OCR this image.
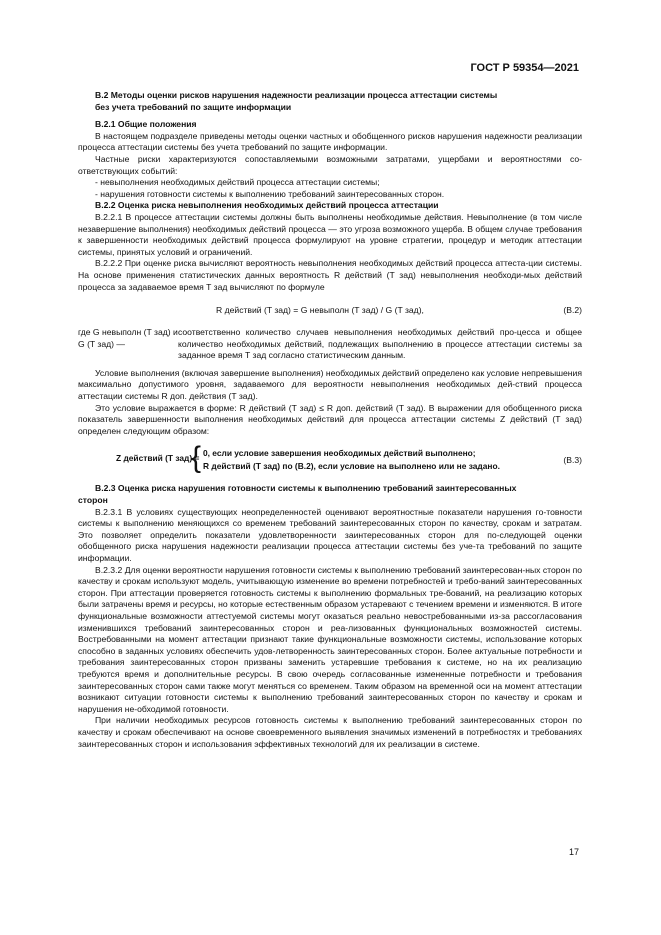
ГОСТ Р 59354—2021
В.2 Методы оценки рисков нарушения надежности реализации процесса аттестации системы
без учета требований по защите информации
В.2.1 Общие положения

В настоящем подразделе приведены методы оценки частных и обобщенного рисков нарушения надежности реализации процесса аттестации системы без учета требований по защите информации.

Частные риски характеризуются сопоставляемыми возможными затратами, ущербами и вероятностями со-ответствующих событий:

- невыполнения необходимых действий процесса аттестации системы;

- нарушения готовности системы к выполнению требований заинтересованных сторон.

В.2.2 Оценка риска невыполнения необходимых действий процесса аттестации

В.2.2.1 В процессе аттестации системы должны быть выполнены необходимые действия. Невыполнение (в том числе незавершение выполнения) необходимых действий процесса — это угроза возможного ущерба. В общем случае требования к завершенности необходимых действий процесса формулируют на уровне стратегии, процедур и методик аттестации системы, принятых условий и ограничений.

В.2.2.2 При оценке риска вычисляют вероятность невыполнения необходимых действий процесса аттеста-ции системы. На основе применения статистических данных вероятность R действий (T зад) невыполнения необходи-мых действий процесса за задаваемое время T зад вычисляют по формуле

R действий (T зад) = G невыполн (T зад) / G (T зад),	(В.2)
где G невыполн (T зад) и G (T зад) —
соответственно количество случаев невыполнения необходимых действий про-цесса и общее количество необходимых действий, подлежащих выполнению в процессе аттестации системы за заданное время T зад согласно статистическим данным.

Условие выполнения (включая завершение выполнения) необходимых действий определено как условие непревышения максимально допустимого уровня, задаваемого для вероятности невыполнения необходимых дей-ствий процесса аттестации системы R доп. действия (T зад).

Это условие выражается в форме: R действий (T зад) ≤ R доп. действий (T зад). В выражении для обобщенного риска показатель завершенности выполнения необходимых действий для процесса аттестации системы Z действий (T зад) определен следующим образом:

Z действий (T зад) =
{ 0, если условие завершения необходимых действий выполнено;
R действий (T зад) по (В.2), если условие на выполнено или не задано.
(В.3)
В.2.3 Оценка риска нарушения готовности системы к выполнению требований заинтересованных
сторон

В.2.3.1 В условиях существующих неопределенностей оценивают вероятностные показатели нарушения го-товности системы к выполнению меняющихся со временем требований заинтересованных сторон по качеству, срокам и затратам. Это позволяет определить показатели удовлетворенности заинтересованных сторон для по-следующей оценки обобщенного риска нарушения надежности реализации процесса аттестации системы без уче-та требований по защите информации.

В.2.3.2 Для оценки вероятности нарушения готовности системы к выполнению требований заинтересован-ных сторон по качеству и срокам используют модель, учитывающую изменение во времени потребностей и требо-ваний заинтересованных сторон. При аттестации проверяется готовность системы к выполнению формальных тре-бований, на реализацию которых были затрачены время и ресурсы, но которые естественным образом устаревают с течением времени и изменяются. В итоге функциональные возможности аттестуемой системы могут оказаться реально невостребованными из-за рассогласования изменившихся требований заинтересованных сторон и реа-лизованных функциональных возможностей системы. Востребованными на момент аттестации признают такие функциональные возможности системы, использование которых способно в заданных условиях обеспечить удов-летворенность заинтересованных сторон. Более актуальные потребности и требования заинтересованных сторон призваны заменить устаревшие требования к системе, но на их реализацию требуются время и дополнительные ресурсы. В свою очередь согласованные измененные потребности и требования заинтересованных сторон сами также могут меняться со временем. Таким образом на временной оси на момент аттестации возникают ситуации готовности системы к выполнению требований заинтересованных сторон по качеству и срокам и нарушения не-обходимой готовности.

При наличии необходимых ресурсов готовность системы к выполнению требований заинтересованных сторон по качеству и срокам обеспечивают на основе своевременного выявления значимых изменений в потребностях и требованиях заинтересованных сторон и использования эффективных технологий для их реализации в системе.

17
